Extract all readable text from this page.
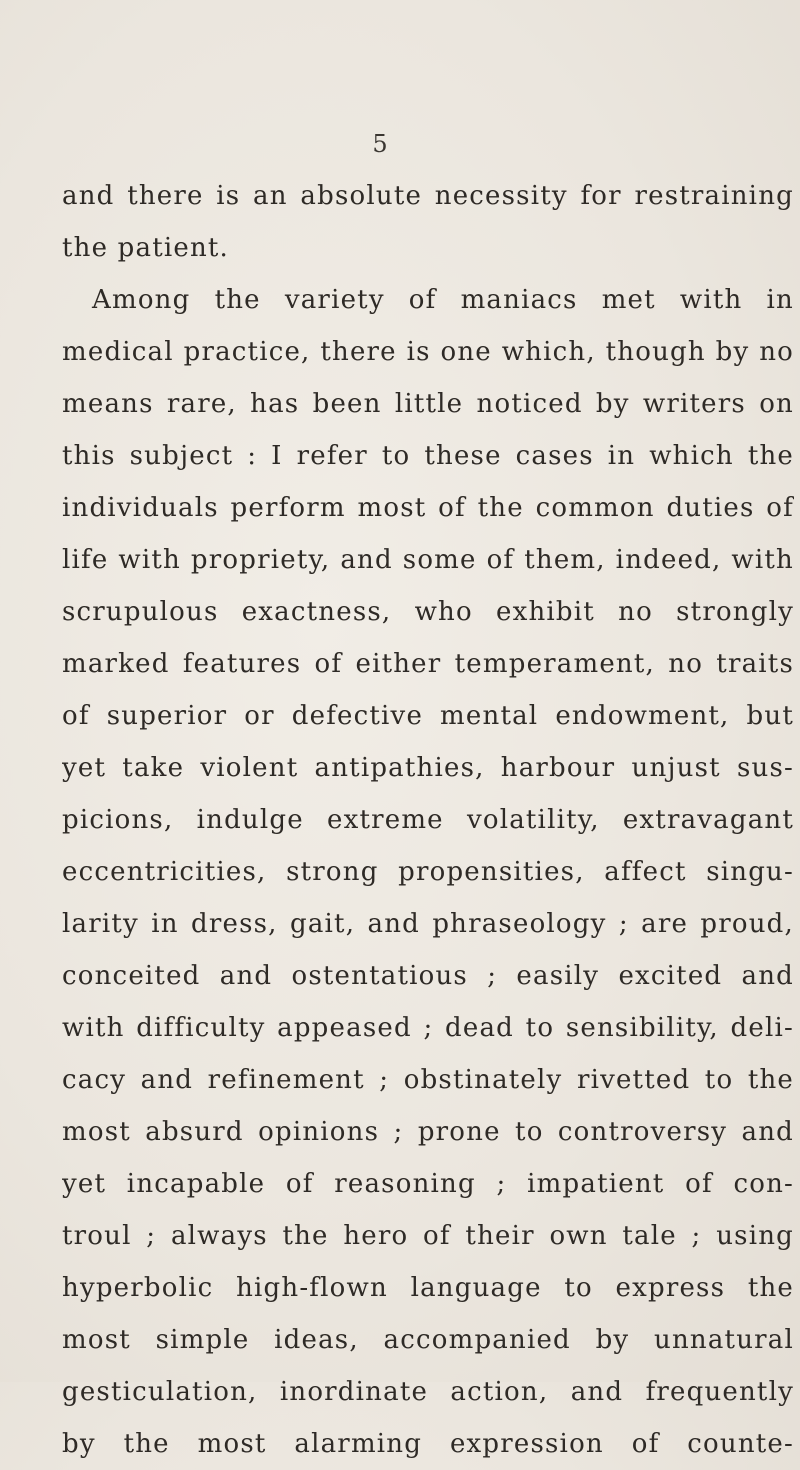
5
and there is an absolute necessity for restraining
the patient.
Among the variety of maniacs met with in
medical practice, there is one which, though by no
means rare, has been little noticed by writers on
this subject : I refer to these cases in which the
individuals perform most of the common duties of
life with propriety, and some of them, indeed, with
scrupulous exactness, who exhibit no strongly
marked features of either temperament, no traits
of superior or defective mental endowment, but
yet take violent antipathies, harbour unjust sus-
picions, indulge extreme volatility, extravagant
eccentricities, strong propensities, affect singu-
larity in dress, gait, and phraseology ; are proud,
conceited and ostentatious ; easily excited and
with difficulty appeased ; dead to sensibility, deli-
cacy and refinement ; obstinately rivetted to the
most absurd opinions ; prone to controversy and
yet incapable of reasoning ; impatient of con-
troul ; always the hero of their own tale ; using
hyperbolic high-flown language to express the
most simple ideas, accompanied by unnatural
gesticulation, inordinate action, and frequently
by the most alarming expression of counte-
